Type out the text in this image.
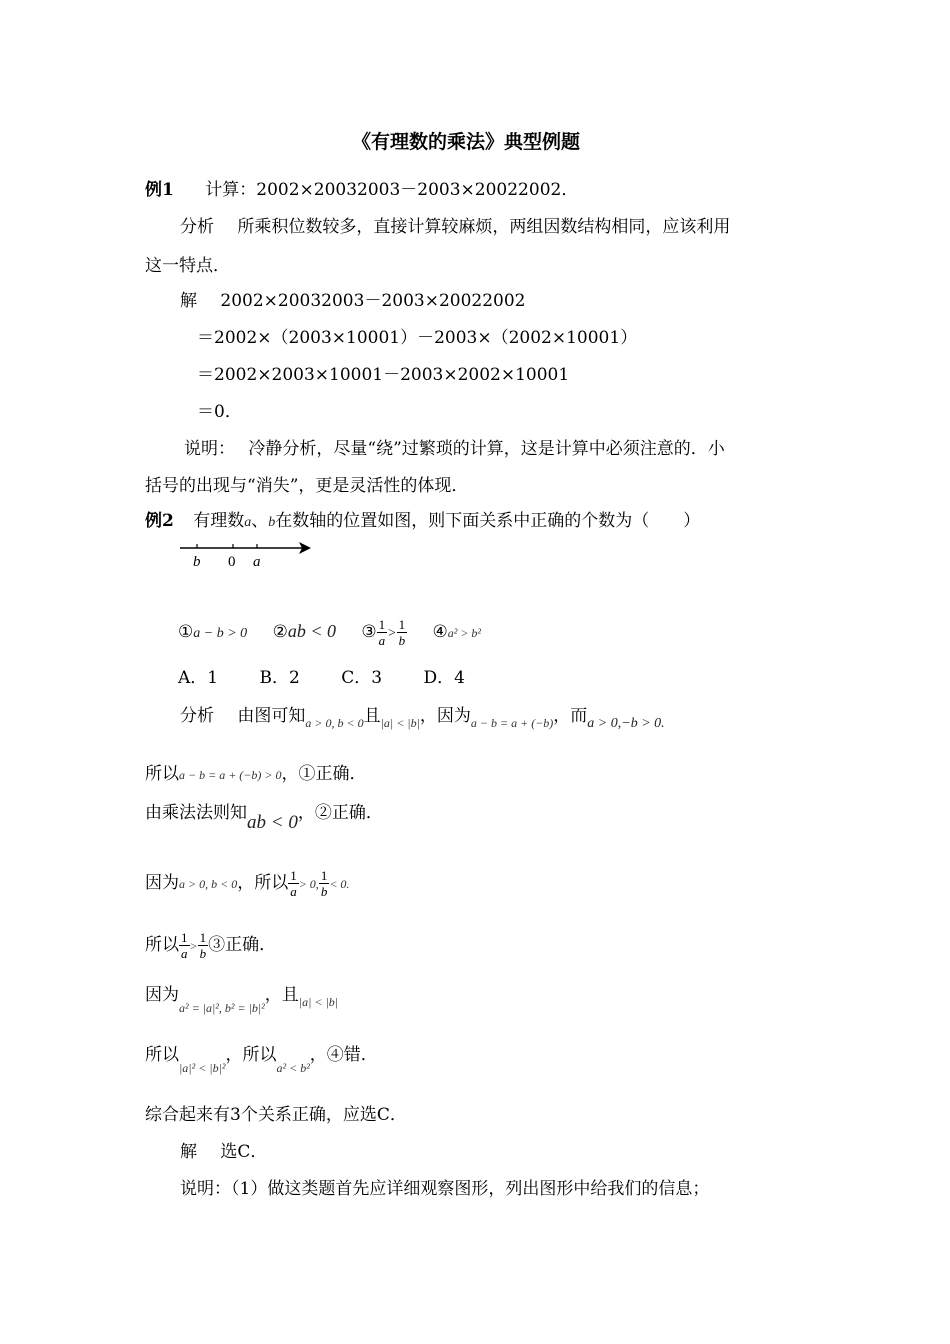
《有理数的乘法》典型例题
例1 计算：2002×20032003－2003×20022002．
分析 所乘积位数较多，直接计算较麻烦，两组因数结构相同，应该利用
这一特点．
解 2002×20032003－2003×20022002
＝2002×（2003×10001）－2003×（2002×10001）
＝2002×2003×10001－2003×2002×10001
＝0．
说明： 冷静分析，尽量“绕”过繁琐的计算，这是计算中必须注意的．小
括号的出现与“消失”，更是灵活性的体现．
例2 有理数a、b在数轴的位置如图，则下面关系中正确的个数为（　　）
b 0 a
①a − b > 0 ②ab < 0 ③ $\frac{1}{a} > \frac{1}{b}$ ④a² > b²
A．1 B．2 C．3 D．4
分析 由图可知$_{a > 0, b < 0}$且$_{|a| < |b|}$，因为$_{a - b = a + (-b)}$，而$_{a > 0,-b > 0.}$
所以a − b = a + (−b) > 0，①正确．
由乘法法则知ab < 0，②正确．
因为a > 0, b < 0，所以 $\frac{1}{a} > 0$, $\frac{1}{b} < 0$.
所以 $\frac{1}{a} > \frac{1}{b}$ ③正确．
因为$_{a^2 = |a|^2, b^2 = |b|^2}$，且$_{|a| < |b|}$
所以$_{|a|^2 < |b|^2}$，所以$_{a^2 < b^2}$，④错．
综合起来有3个关系正确，应选C．
解 选C．
说明：（1）做这类题首先应详细观察图形，列出图形中给我们的信息；
